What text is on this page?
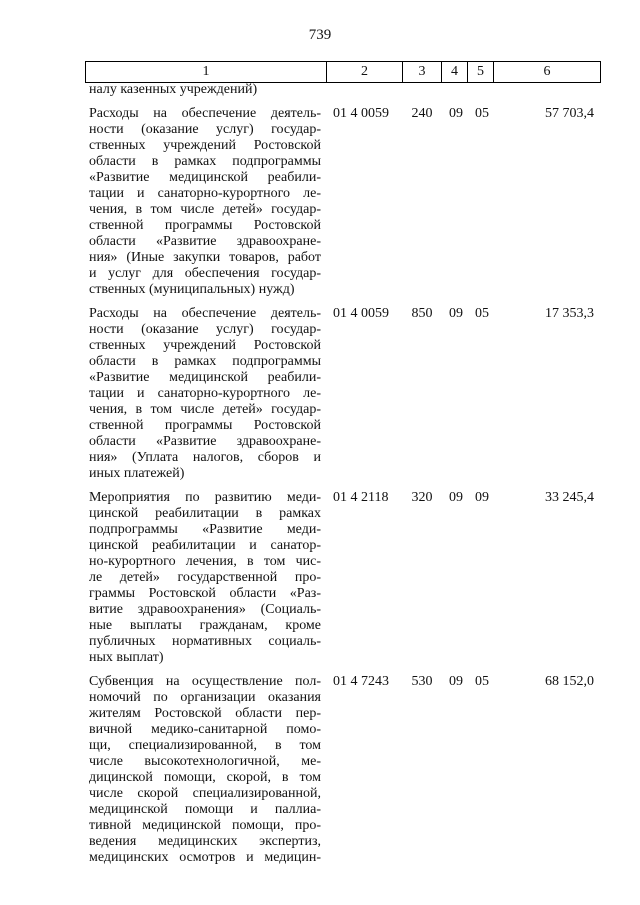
739
1	2	3	4	5	6
налу казенных учреждений)
Расходы на обеспечение деятель-
ности (оказание услуг) государ-
ственных учреждений Ростовской
области в рамках подпрограммы
«Развитие медицинской реабили-
тации и санаторно-курортного ле-
чения, в том числе детей» государ-
ственной программы Ростовской
области «Развитие здравоохране-
ния» (Иные закупки товаров, работ
и услуг для обеспечения государ-
ственных (муниципальных) нужд)
01 4 0059	240	09 05	57 703,4
Расходы на обеспечение деятель-
ности (оказание услуг) государ-
ственных учреждений Ростовской
области в рамках подпрограммы
«Развитие медицинской реабили-
тации и санаторно-курортного ле-
чения, в том числе детей» государ-
ственной программы Ростовской
области «Развитие здравоохране-
ния» (Уплата налогов, сборов и
иных платежей)
01 4 0059	850	09 05	17 353,3
Мероприятия по развитию меди-
цинской реабилитации в рамках
подпрограммы «Развитие меди-
цинской реабилитации и санатор-
но-курортного лечения, в том чис-
ле детей» государственной про-
граммы Ростовской области «Раз-
витие здравоохранения» (Социаль-
ные выплаты гражданам, кроме
публичных нормативных социаль-
ных выплат)
01 4 2118	320	09 09	33 245,4
Субвенция на осуществление пол-
номочий по организации оказания
жителям Ростовской области пер-
вичной медико-санитарной помо-
щи, специализированной, в том
числе высокотехнологичной, ме-
дицинской помощи, скорой, в том
числе скорой специализированной,
медицинской помощи и паллиа-
тивной медицинской помощи, про-
ведения медицинских экспертиз,
медицинских осмотров и медицин-
01 4 7243	530	09 05	68 152,0
